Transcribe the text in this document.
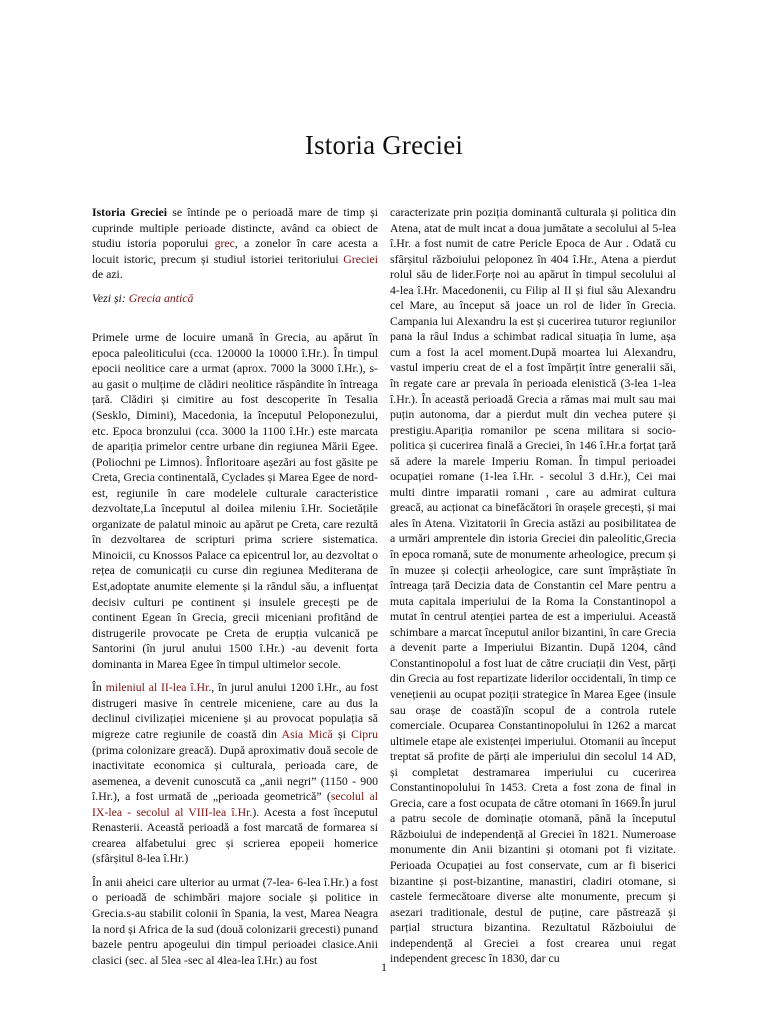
Istoria Greciei

Istoria Greciei se întinde pe o perioadă mare de timp și cuprinde multiple perioade distincte, având ca obiect de studiu istoria poporului grec, a zonelor în care acesta a locuit istoric, precum și studiul istoriei teritoriului Greciei de azi.

Vezi și: Grecia antică

Primele urme de locuire umană în Grecia, au apărut în epoca paleoliticului (cca. 120000 la 10000 î.Hr.). În timpul epocii neolitice care a urmat (aprox. 7000 la 3000 î.Hr.), s-au gasit o mulțime de clădiri neolitice răspândite în întreaga țară. Clădiri și cimitire au fost descoperite în Tesalia (Sesklo, Dimini), Macedonia, la începutul Peloponezului, etc. Epoca bronzului (cca. 3000 la 1100 î.Hr.) este marcata de apariția primelor centre urbane din regiunea Mării Egee.(Poliochni pe Limnos). Înfloritoare așezări au fost găsite pe Creta, Grecia continentală, Cyclades și Marea Egee de nord-est, regiunile în care modelele culturale caracteristice dezvoltate,La începutul al doilea mileniu î.Hr. Societățile organizate de palatul minoic au apărut pe Creta, care rezultă în dezvoltarea de scripturi prima scriere sistematica. Minoicii, cu Knossos Palace ca epicentrul lor, au dezvoltat o rețea de comunicații cu curse din regiunea Mediterana de Est,adoptate anumite elemente și la rândul său, a influențat decisiv culturi pe continent și insulele grecești pe de continent Egean în Grecia, grecii miceniani profitând de distrugerile provocate pe Creta de erupția vulcanică pe Santorini (în jurul anului 1500 î.Hr.) -au devenit forta dominanta in Marea Egee în timpul ultimelor secole.

În mileniul al II-lea î.Hr., în jurul anului 1200 î.Hr., au fost distrugeri masive în centrele miceniene, care au dus la declinul civilizației miceniene și au provocat populația să migreze catre regiunile de coastă din Asia Mică și Cipru (prima colonizare greacă). După aproximativ două secole de inactivitate economica și culturala, perioada care, de asemenea, a devenit cunoscută ca „anii negri” (1150 - 900 î.Hr.), a fost urmată de „perioada geometrică” (secolul al IX-lea - secolul al VIII-lea î.Hr.). Acesta a fost începutul Renasterii. Această perioadă a fost marcată de formarea si crearea alfabetului grec și scrierea epopeii homerice (sfârșitul 8-lea î.Hr.)

În anii aheici care ulterior au urmat (7-lea- 6-lea î.Hr.) a fost o perioadă de schimbări majore sociale și politice in Grecia.s-au stabilit colonii în Spania, la vest, Marea Neagra la nord și Africa de la sud (două colonizarii grecesti) punand bazele pentru apogeului din timpul perioadei clasice.Anii clasici (sec. al 5lea -sec al 4lea-lea î.Hr.) au fost

caracterizate prin poziția dominantă culturala și politica din Atena, atat de mult incat a doua jumătate a secolului al 5-lea î.Hr. a fost numit de catre Pericle Epoca de Aur . Odată cu sfârșitul războiului peloponez în 404 î.Hr., Atena a pierdut rolul său de lider.Forțe noi au apărut în timpul secolului al 4-lea î.Hr. Macedonenii, cu Filip al II și fiul său Alexandru cel Mare, au început să joace un rol de lider în Grecia. Campania lui Alexandru la est și cucerirea tuturor regiunilor pana la râul Indus a schimbat radical situația în lume, așa cum a fost la acel moment.După moartea lui Alexandru, vastul imperiu creat de el a fost împărțit între generalii săi, în regate care ar prevala în perioada elenistică (3-lea 1-lea î.Hr.). În această perioadă Grecia a rămas mai mult sau mai puțin autonoma, dar a pierdut mult din vechea putere și prestigiu.Apariția romanilor pe scena militara si socio-politica și cucerirea finală a Greciei, în 146 î.Hr.a forțat țară să adere la marele Imperiu Roman. În timpul perioadei ocupației romane (1-lea î.Hr. - secolul 3 d.Hr.), Cei mai multi dintre imparatii romani , care au admirat cultura greacă, au acționat ca binefăcători în orașele grecești, și mai ales în Atena. Vizitatorii în Grecia astăzi au posibilitatea de a urmări amprentele din istoria Greciei din paleolitic,Grecia în epoca romană, sute de monumente arheologice, precum și în muzee și colecții arheologice, care sunt împrăștiate în întreaga țară Decizia data de Constantin cel Mare pentru a muta capitala imperiului de la Roma la Constantinopol a mutat în centrul atenției partea de est a imperiului. Această schimbare a marcat începutul anilor bizantini, în care Grecia a devenit parte a Imperiului Bizantin. După 1204, când Constantinopolul a fost luat de către cruciații din Vest, părți din Grecia au fost repartizate liderilor occidentali, în timp ce venețienii au ocupat poziții strategice în Marea Egee (insule sau orașe de coastă)în scopul de a controla rutele comerciale. Ocuparea Constantinopolului în 1262 a marcat ultimele etape ale existenței imperiului. Otomanii au început treptat să profite de părți ale imperiului din secolul 14 AD, și completat destramarea imperiului cu cucerirea Constantinopolului în 1453. Creta a fost zona de final in Grecia, care a fost ocupata de către otomani în 1669.În jurul a patru secole de dominație otomană, până la începutul Războiului de independență al Greciei în 1821. Numeroase monumente din Anii bizantini și otomani pot fi vizitate. Perioada Ocupației au fost conservate, cum ar fi biserici bizantine și post-bizantine, manastiri, cladiri otomane, si castele fermecătoare diverse alte monumente, precum și asezari traditionale, destul de puține, care păstrează și parțial structura bizantina. Rezultatul Războiului de independență al Greciei a fost crearea unui regat independent grecesc în 1830, dar cu

1
